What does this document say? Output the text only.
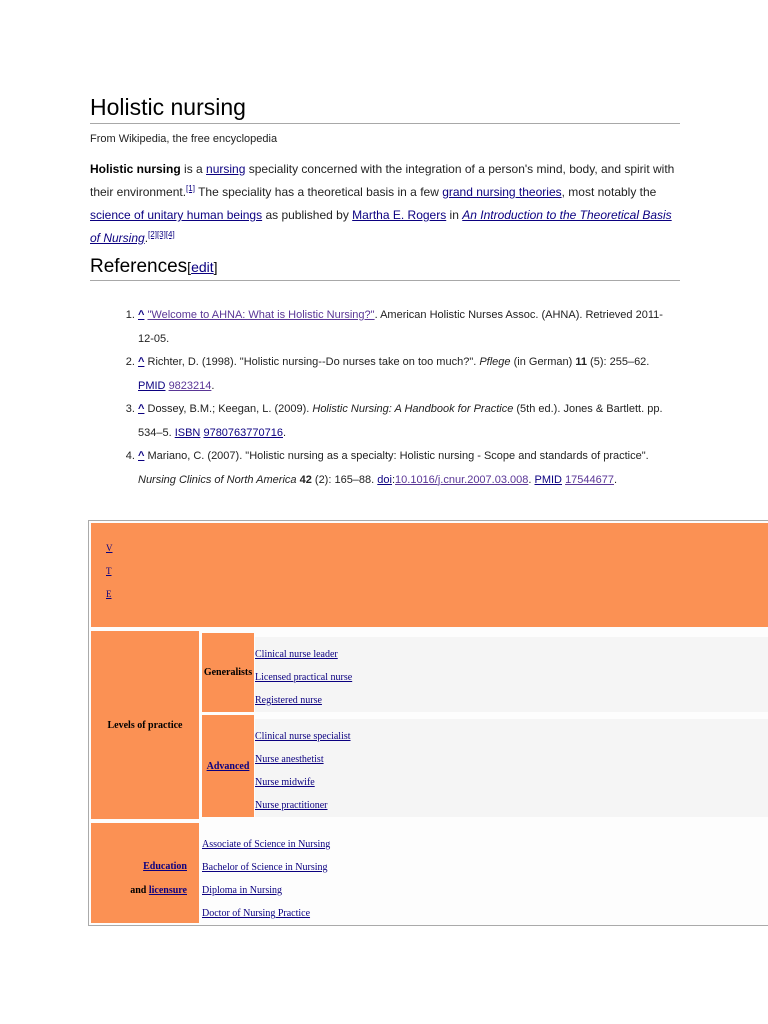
Holistic nursing
From Wikipedia, the free encyclopedia

Holistic nursing is a nursing speciality concerned with the integration of a person's mind, body, and spirit with their environment.[1] The speciality has a theoretical basis in a few grand nursing theories, most notably the science of unitary human beings as published by Martha E. Rogers in An Introduction to the Theoretical Basis of Nursing.[2][3][4]

References[edit]
1. ^ "Welcome to AHNA: What is Holistic Nursing?". American Holistic Nurses Assoc. (AHNA). Retrieved 2011-12-05.
2. ^ Richter, D. (1998). "Holistic nursing--Do nurses take on too much?". Pflege (in German) 11 (5): 255–62. PMID 9823214.
3. ^ Dossey, B.M.; Keegan, L. (2009). Holistic Nursing: A Handbook for Practice (5th ed.). Jones & Bartlett. pp. 534–5. ISBN 9780763770716.
4. ^ Mariano, C. (2007). "Holistic nursing as a specialty: Holistic nursing - Scope and standards of practice". Nursing Clinics of North America 42 (2): 165–88. doi:10.1016/j.cnur.2007.03.008. PMID 17544677.
V
T
E
Levels of practice
Generalists
Clinical nurse leader
Licensed practical nurse
Registered nurse
Advanced
Clinical nurse specialist
Nurse anesthetist
Nurse midwife
Nurse practitioner
Education
and licensure
Associate of Science in Nursing
Bachelor of Science in Nursing
Diploma in Nursing
Doctor of Nursing Practice
